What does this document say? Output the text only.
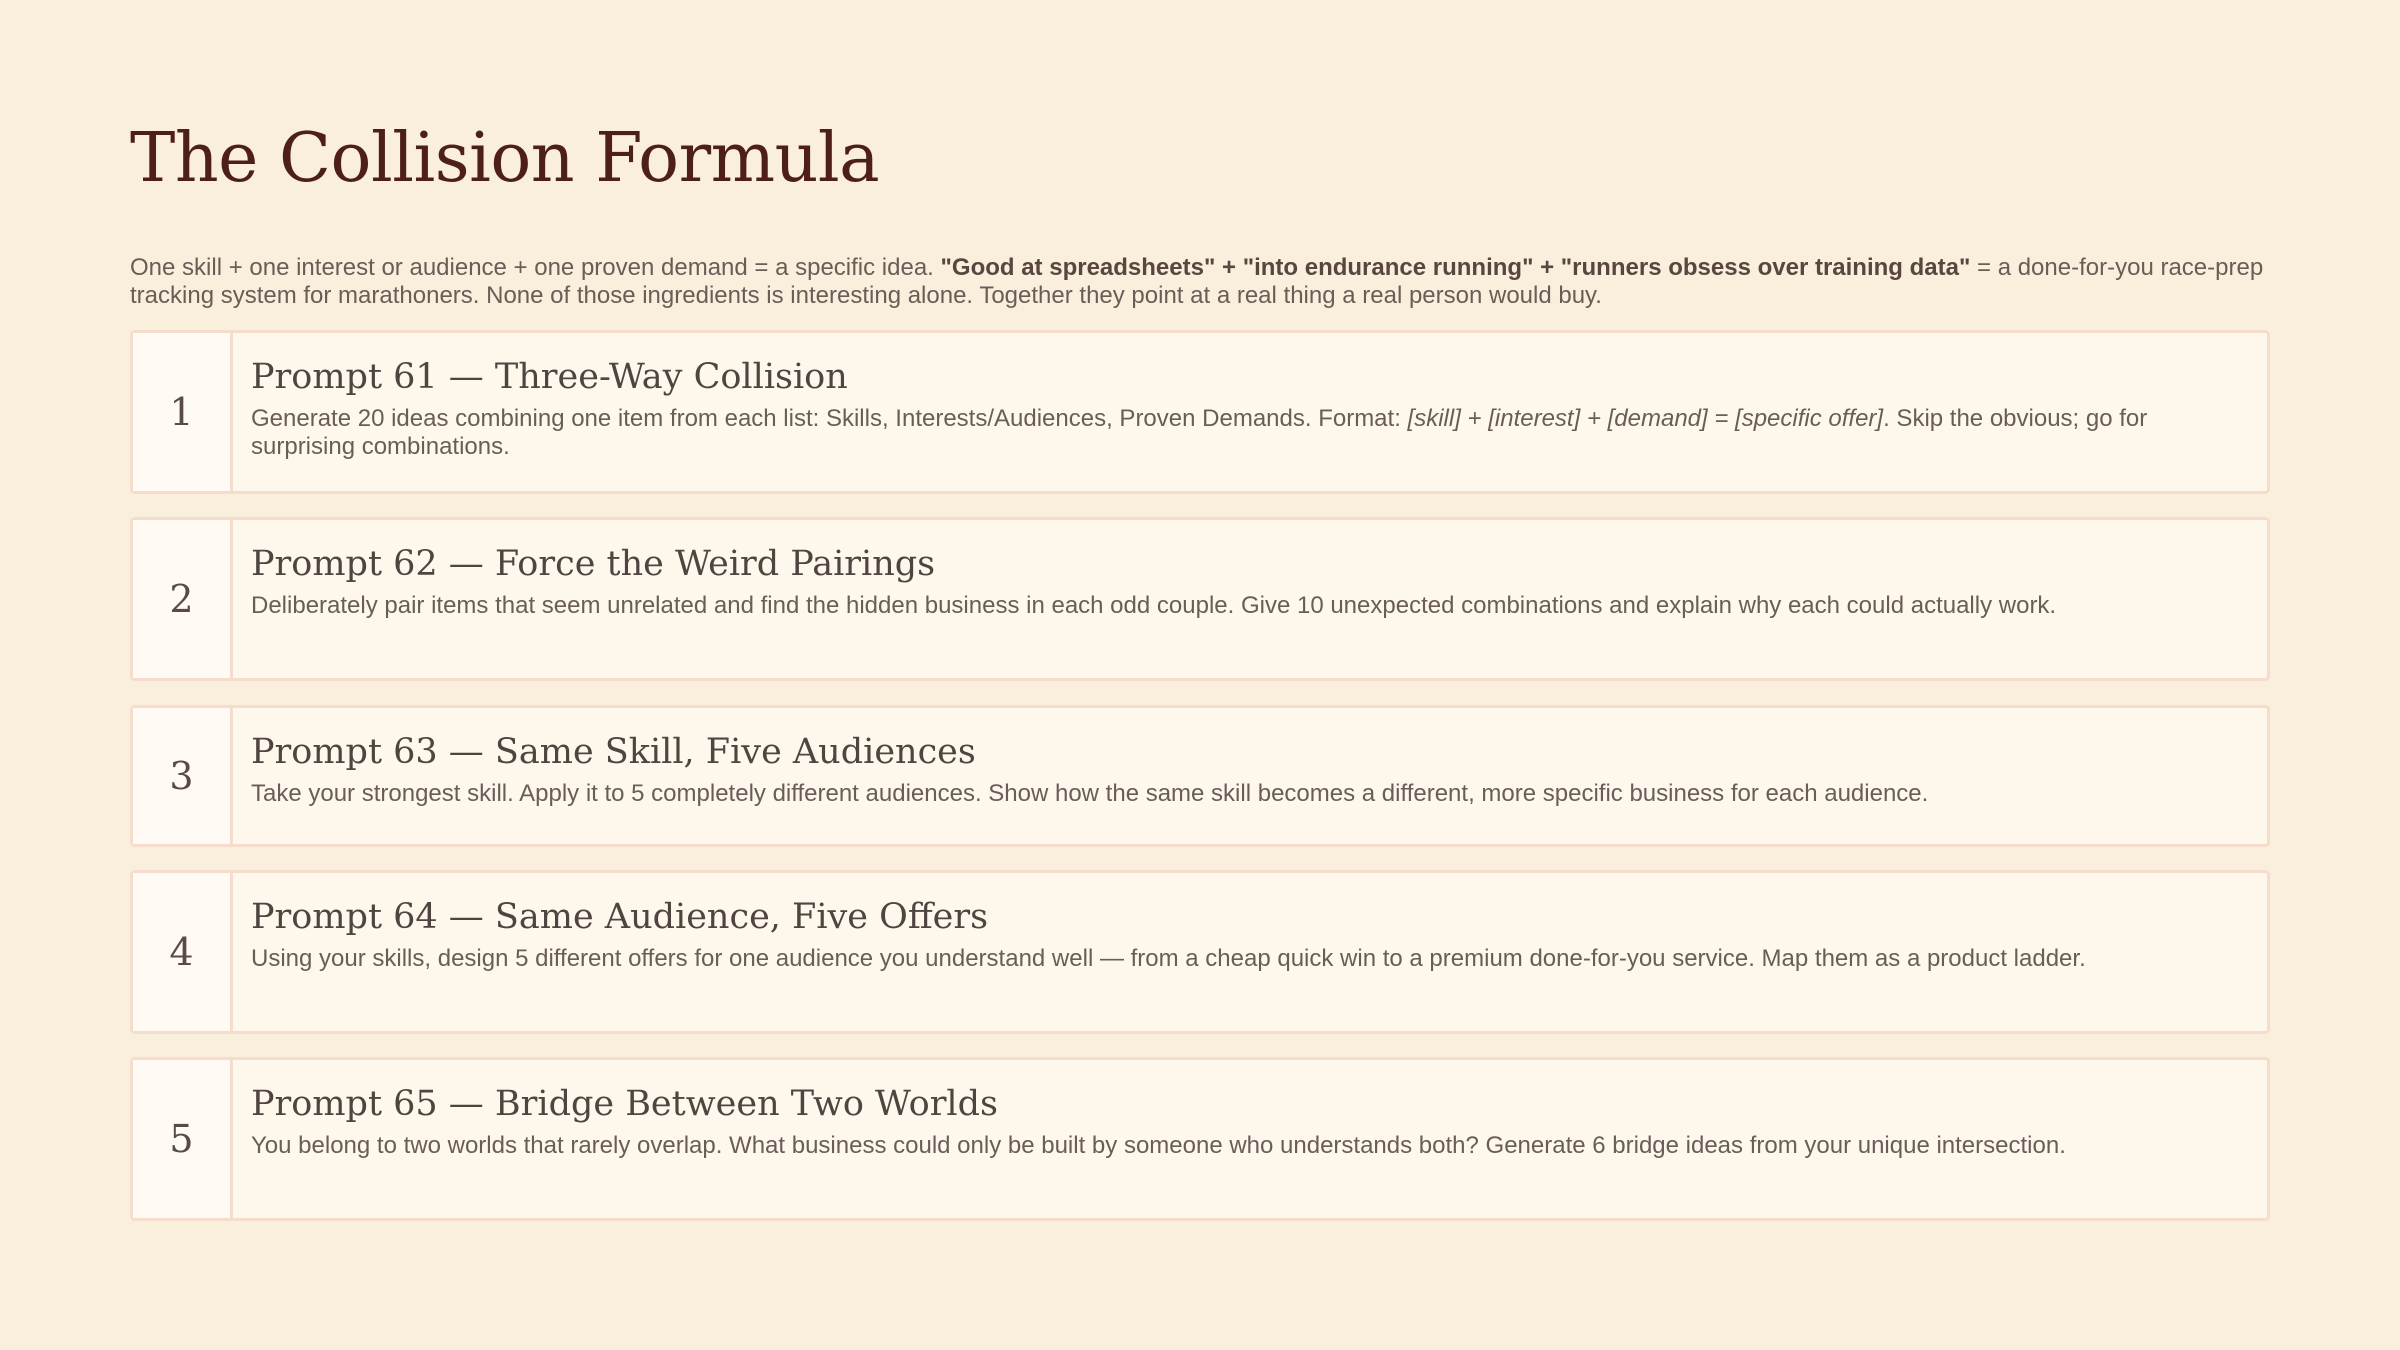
The Collision Formula

One skill + one interest or audience + one proven demand = a specific idea. "Good at spreadsheets" + "into endurance running" + "runners obsess over training data" = a done-for-you race-prep tracking system for marathoners. None of those ingredients is interesting alone. Together they point at a real thing a real person would buy.

1
Prompt 61 — Three-Way Collision

Generate 20 ideas combining one item from each list: Skills, Interests/Audiences, Proven Demands. Format: [skill] + [interest] + [demand] = [specific offer]. Skip the obvious; go for surprising combinations.

2
Prompt 62 — Force the Weird Pairings

Deliberately pair items that seem unrelated and find the hidden business in each odd couple. Give 10 unexpected combinations and explain why each could actually work.

3
Prompt 63 — Same Skill, Five Audiences

Take your strongest skill. Apply it to 5 completely different audiences. Show how the same skill becomes a different, more specific business for each audience.

4
Prompt 64 — Same Audience, Five Offers

Using your skills, design 5 different offers for one audience you understand well — from a cheap quick win to a premium done-for-you service. Map them as a product ladder.

5
Prompt 65 — Bridge Between Two Worlds

You belong to two worlds that rarely overlap. What business could only be built by someone who understands both? Generate 6 bridge ideas from your unique intersection.
